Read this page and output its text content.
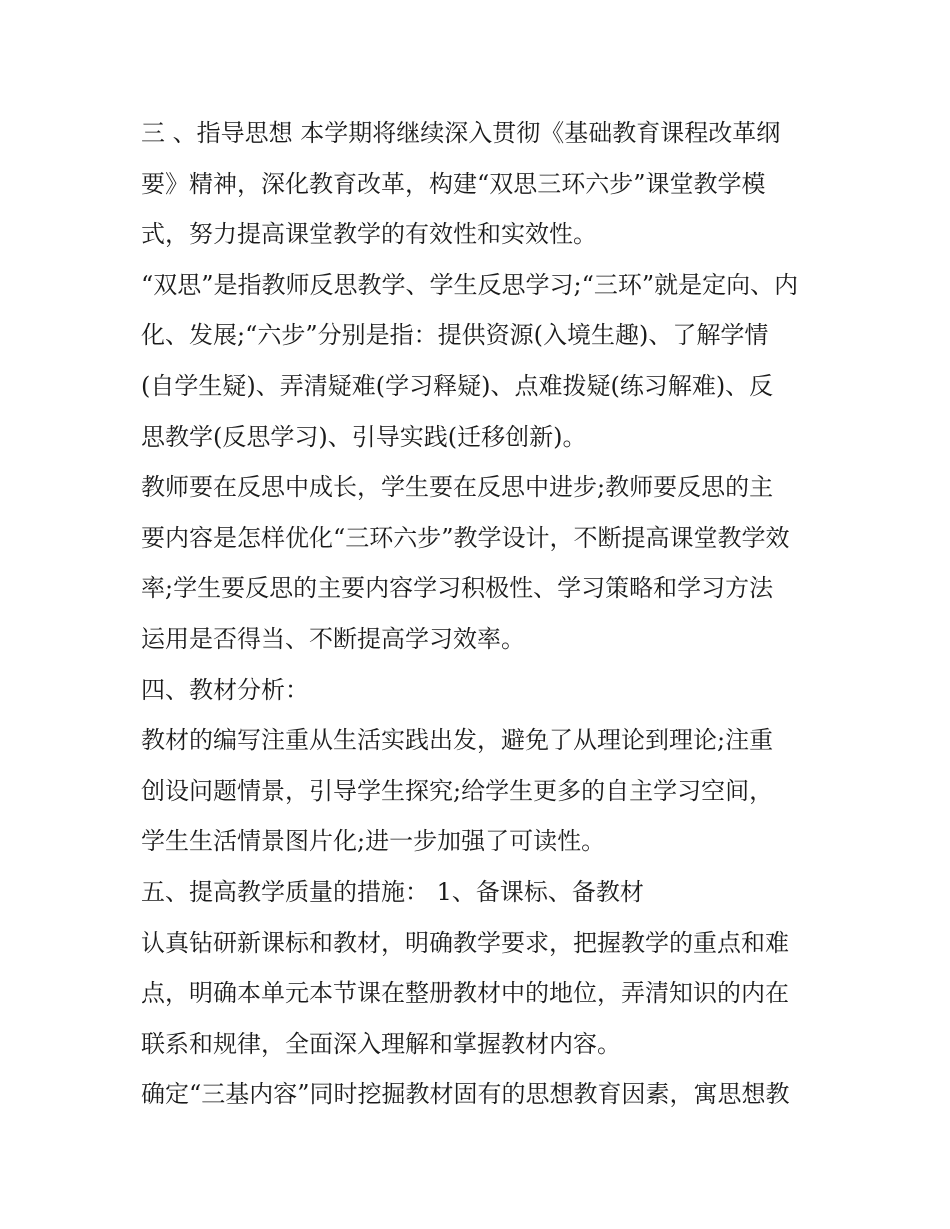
三 、指导思想 本学期将继续深入贯彻《基础教育课程改革纲
要》精神，深化教育改革，构建“双思三环六步”课堂教学模
式，努力提高课堂教学的有效性和实效性。
“双思”是指教师反思教学、学生反思学习;“三环”就是定向、内
化、发展;“六步”分别是指：提供资源(入境生趣)、了解学情
(自学生疑)、弄清疑难(学习释疑)、点难拨疑(练习解难)、反
思教学(反思学习)、引导实践(迁移创新)。
教师要在反思中成长，学生要在反思中进步;教师要反思的主
要内容是怎样优化“三环六步”教学设计，不断提高课堂教学效
率;学生要反思的主要内容学习积极性、学习策略和学习方法
运用是否得当、不断提高学习效率。
四、教材分析：
教材的编写注重从生活实践出发，避免了从理论到理论;注重
创设问题情景，引导学生探究;给学生更多的自主学习空间，
学生生活情景图片化;进一步加强了可读性。
五、提高教学质量的措施： 1、备课标、备教材
认真钻研新课标和教材，明确教学要求，把握教学的重点和难
点，明确本单元本节课在整册教材中的地位，弄清知识的内在
联系和规律，全面深入理解和掌握教材内容。
确定“三基内容”同时挖掘教材固有的思想教育因素，寓思想教
